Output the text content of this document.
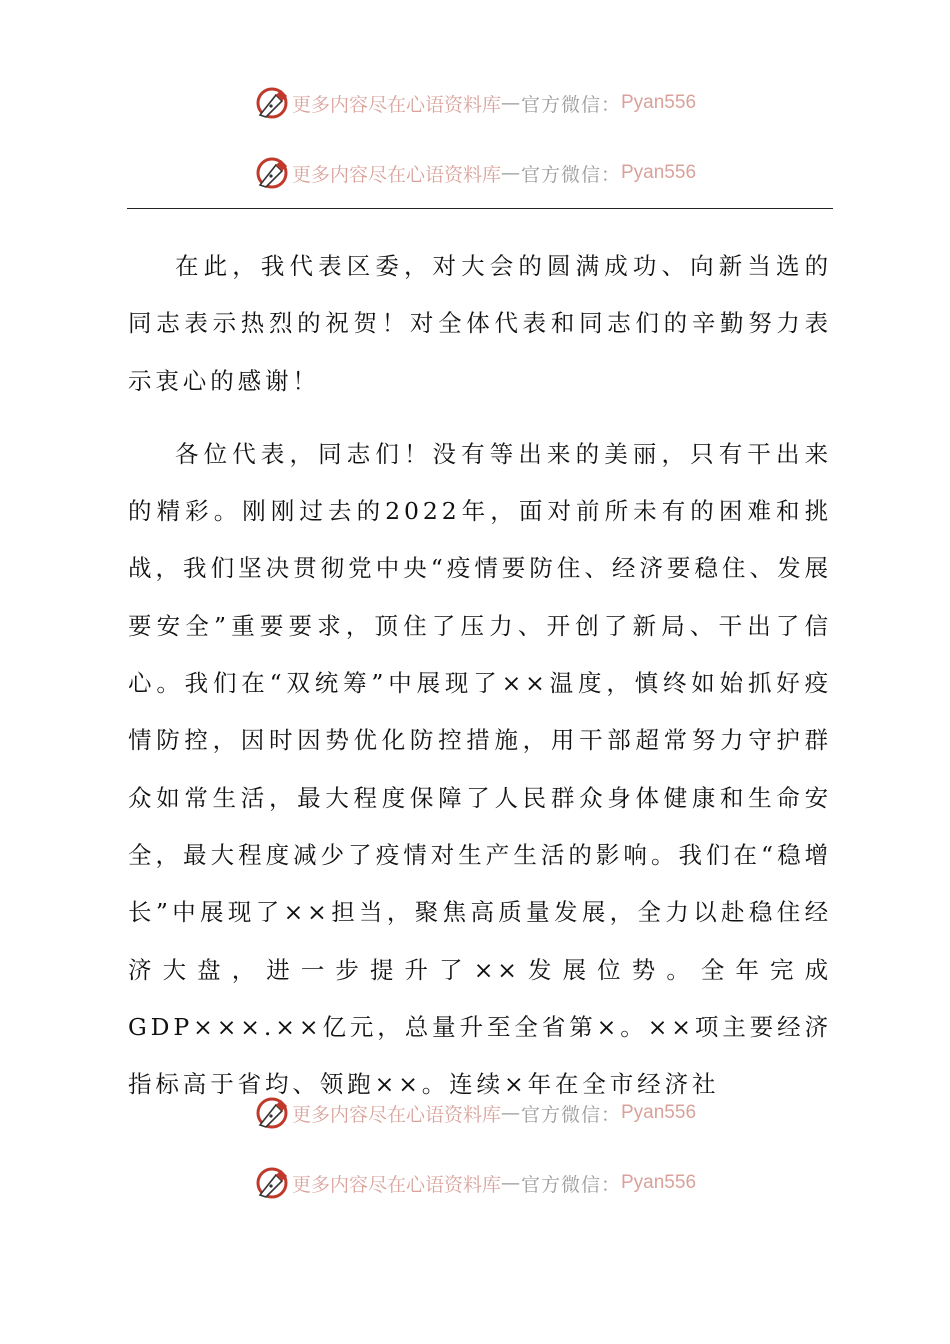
更多内容尽在心语资料库 — 官方微信： Pyan556
更多内容尽在心语资料库 — 官方微信： Pyan556

在此，我代表区委，对大会的圆满成功、向新当选的同志表示热烈的祝贺！对全体代表和同志们的辛勤努力表示衷心的感谢！

各位代表，同志们！没有等出来的美丽，只有干出来的精彩。刚刚过去的2022年，面对前所未有的困难和挑战，我们坚决贯彻党中央“疫情要防住、经济要稳住、发展要安全”重要要求，顶住了压力、开创了新局、干出了信心。我们在“双统筹”中展现了××温度，慎终如始抓好疫情防控，因时因势优化防控措施，用干部超常努力守护群众如常生活，最大程度保障了人民群众身体健康和生命安全，最大程度减少了疫情对生产生活的影响。我们在“稳增长”中展现了××担当，聚焦高质量发展，全力以赴稳住经济大盘，进一步提升了××发展位势。全年完成GDP×××.××亿元，总量升至全省第×。××项主要经济指标高于省均、领跑××。连续×年在全市经济社

更多内容尽在心语资料库 — 官方微信： Pyan556
更多内容尽在心语资料库 — 官方微信： Pyan556
